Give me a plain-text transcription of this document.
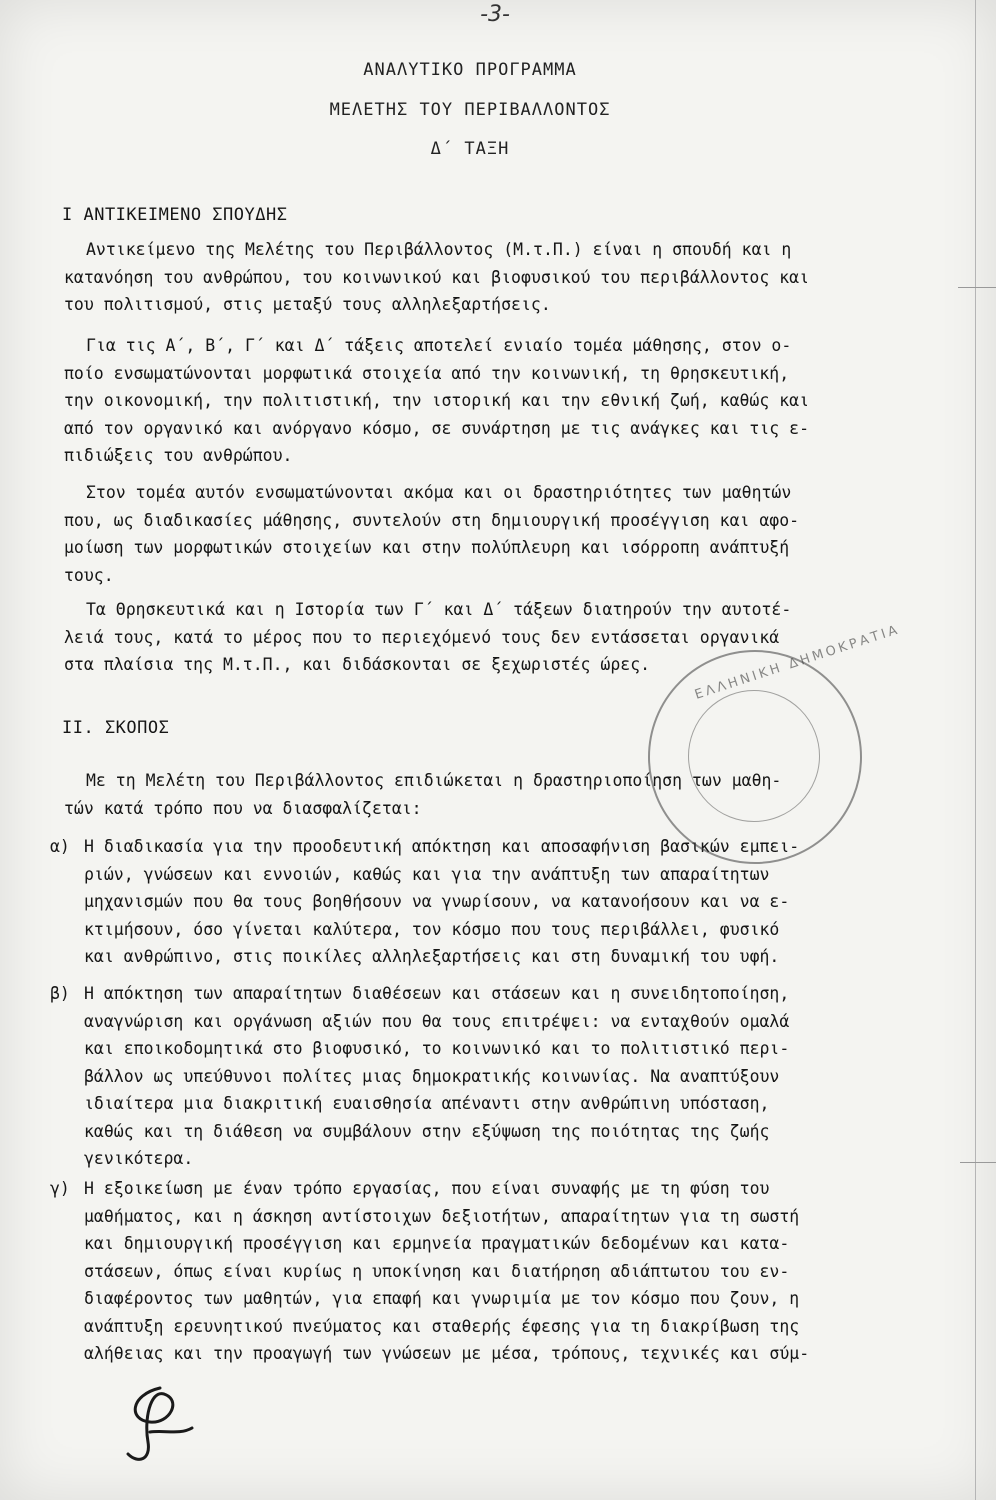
-3-
ΑΝΑΛΥΤΙΚΟ ΠΡΟΓΡΑΜΜΑ
ΜΕΛΕΤΗΣ ΤΟΥ ΠΕΡΙΒΑΛΛΟΝΤΟΣ
Δ΄ ΤΑΞΗ
Ι ΑΝΤΙΚΕΙΜΕΝΟ ΣΠΟΥΔΗΣ
Αντικείμενο της Μελέτης του Περιβάλλοντος (Μ.τ.Π.) είναι η σπουδή και η
κατανόηση του ανθρώπου, του κοινωνικού και βιοφυσικού του περιβάλλοντος και
του πολιτισμού, στις μεταξύ τους αλληλεξαρτήσεις.
Για τις Α΄, Β΄, Γ΄ και Δ΄ τάξεις αποτελεί ενιαίο τομέα μάθησης, στον ο-
ποίο ενσωματώνονται μορφωτικά στοιχεία από την κοινωνική, τη θρησκευτική,
την οικονομική, την πολιτιστική, την ιστορική και την εθνική ζωή, καθώς και
από τον οργανικό και ανόργανο κόσμο, σε συνάρτηση με τις ανάγκες και τις ε-
πιδιώξεις του ανθρώπου.
Στον τομέα αυτόν ενσωματώνονται ακόμα και οι δραστηριότητες των μαθητών
που, ως διαδικασίες μάθησης, συντελούν στη δημιουργική προσέγγιση και αφο-
μοίωση των μορφωτικών στοιχείων και στην πολύπλευρη και ισόρροπη ανάπτυξή
τους.
Τα Θρησκευτικά και η Ιστορία των Γ΄ και Δ΄ τάξεων διατηρούν την αυτοτέ-
λειά τους, κατά το μέρος που το περιεχόμενό τους δεν εντάσσεται οργανικά
στα πλαίσια της Μ.τ.Π., και διδάσκονται σε ξεχωριστές ώρες.
ΙΙ. ΣΚΟΠΟΣ
Με τη Μελέτη του Περιβάλλοντος επιδιώκεται η δραστηριοποίηση των μαθη-
τών κατά τρόπο που να διασφαλίζεται:
α) Η διαδικασία για την προοδευτική απόκτηση και αποσαφήνιση βασικών εμπει-
ριών, γνώσεων και εννοιών, καθώς και για την ανάπτυξη των απαραίτητων
μηχανισμών που θα τους βοηθήσουν να γνωρίσουν, να κατανοήσουν και να ε-
κτιμήσουν, όσο γίνεται καλύτερα, τον κόσμο που τους περιβάλλει, φυσικό
και ανθρώπινο, στις ποικίλες αλληλεξαρτήσεις και στη δυναμική του υφή.
β) Η απόκτηση των απαραίτητων διαθέσεων και στάσεων και η συνειδητοποίηση,
αναγνώριση και οργάνωση αξιών που θα τους επιτρέψει: να ενταχθούν ομαλά
και εποικοδομητικά στο βιοφυσικό, το κοινωνικό και το πολιτιστικό περι-
βάλλον ως υπεύθυνοι πολίτες μιας δημοκρατικής κοινωνίας. Να αναπτύξουν
ιδιαίτερα μια διακριτική ευαισθησία απέναντι στην ανθρώπινη υπόσταση,
καθώς και τη διάθεση να συμβάλουν στην εξύψωση της ποιότητας της ζωής
γενικότερα.
γ) Η εξοικείωση με έναν τρόπο εργασίας, που είναι συναφής με τη φύση του
μαθήματος, και η άσκηση αντίστοιχων δεξιοτήτων, απαραίτητων για τη σωστή
και δημιουργική προσέγγιση και ερμηνεία πραγματικών δεδομένων και κατα-
στάσεων, όπως είναι κυρίως η υποκίνηση και διατήρηση αδιάπτωτου του εν-
διαφέροντος των μαθητών, για επαφή και γνωριμία με τον κόσμο που ζουν, η
ανάπτυξη ερευνητικού πνεύματος και σταθερής έφεσης για τη διακρίβωση της
αλήθειας και την προαγωγή των γνώσεων με μέσα, τρόπους, τεχνικές και σύμ-
ΕΛΛΗΝΙΚΗ ΔΗΜΟΚΡΑΤΙΑ
